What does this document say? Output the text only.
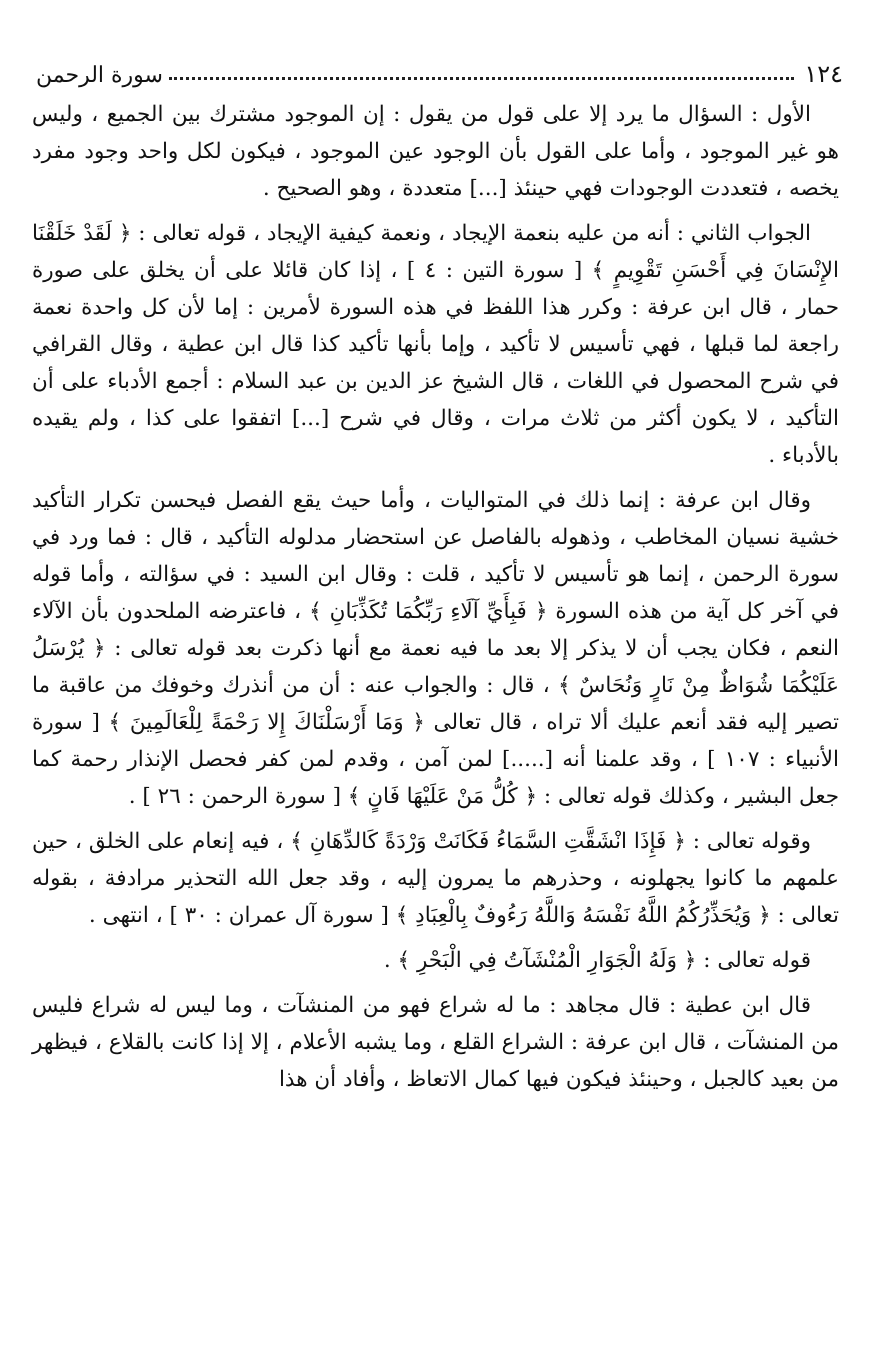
١٢٤
سورة الرحمن

الأول : السؤال ما يرد إلا على قول من يقول : إن الموجود مشترك بين الجميع ، وليس هو غير الموجود ، وأما على القول بأن الوجود عين الموجود ، فيكون لكل واحد وجود مفرد يخصه ، فتعددت الوجودات فهي حينئذ [...] متعددة ، وهو الصحيح .

الجواب الثاني : أنه من عليه بنعمة الإيجاد ، ونعمة كيفية الإيجاد ، قوله تعالى : ﴿ لَقَدْ خَلَقْنَا الإِنْسَانَ فِي أَحْسَنِ تَقْوِيمٍ ﴾ [ سورة التين : ٤ ] ، إذا كان قائلا على أن يخلق على صورة حمار ، قال ابن عرفة : وكرر هذا اللفظ في هذه السورة لأمرين : إما لأن كل واحدة نعمة راجعة لما قبلها ، فهي تأسيس لا تأكيد ، وإما بأنها تأكيد كذا قال ابن عطية ، وقال القرافي في شرح المحصول في اللغات ، قال الشيخ عز الدين بن عبد السلام : أجمع الأدباء على أن التأكيد ، لا يكون أكثر من ثلاث مرات ، وقال في شرح [...] اتفقوا على كذا ، ولم يقيده بالأدباء .

وقال ابن عرفة : إنما ذلك في المتواليات ، وأما حيث يقع الفصل فيحسن تكرار التأكيد خشية نسيان المخاطب ، وذهوله بالفاصل عن استحضار مدلوله التأكيد ، قال : فما ورد في سورة الرحمن ، إنما هو تأسيس لا تأكيد ، قلت : وقال ابن السيد : في سؤالته ، وأما قوله في آخر كل آية من هذه السورة ﴿ فَبِأَيِّ آلَاءِ رَبِّكُمَا تُكَذِّبَانِ ﴾ ، فاعترضه الملحدون بأن الآلاء النعم ، فكان يجب أن لا يذكر إلا بعد ما فيه نعمة مع أنها ذكرت بعد قوله تعالى : ﴿ يُرْسَلُ عَلَيْكُمَا شُوَاظٌ مِنْ نَارٍ وَنُحَاسٌ ﴾ ، قال : والجواب عنه : أن من أنذرك وخوفك من عاقبة ما تصير إليه فقد أنعم عليك ألا تراه ، قال تعالى ﴿ وَمَا أَرْسَلْنَاكَ إِلا رَحْمَةً لِلْعَالَمِينَ ﴾ [ سورة الأنبياء : ١٠٧ ] ، وقد علمنا أنه [.....] لمن آمن ، وقدم لمن كفر فحصل الإنذار رحمة كما جعل البشير ، وكذلك قوله تعالى : ﴿ كُلُّ مَنْ عَلَيْهَا فَانٍ ﴾ [ سورة الرحمن : ٢٦ ] .

وقوله تعالى : ﴿ فَإِذَا انْشَقَّتِ السَّمَاءُ فَكَانَتْ وَرْدَةً كَالدِّهَانِ ﴾ ، فيه إنعام على الخلق ، حين علمهم ما كانوا يجهلونه ، وحذرهم ما يمرون إليه ، وقد جعل الله التحذير مرادفة ، بقوله تعالى : ﴿ وَيُحَذِّرُكُمُ اللَّهُ نَفْسَهُ وَاللَّهُ رَءُوفٌ بِالْعِبَادِ ﴾ [ سورة آل عمران : ٣٠ ] ، انتهى .

قوله تعالى : ﴿ وَلَهُ الْجَوَارِ الْمُنْشَآتُ فِي الْبَحْرِ ﴾ .

قال ابن عطية : قال مجاهد : ما له شراع فهو من المنشآت ، وما ليس له شراع فليس من المنشآت ، قال ابن عرفة : الشراع القلع ، وما يشبه الأعلام ، إلا إذا كانت بالقلاع ، فيظهر من بعيد كالجبل ، وحينئذ فيكون فيها كمال الاتعاظ ، وأفاد أن هذا
